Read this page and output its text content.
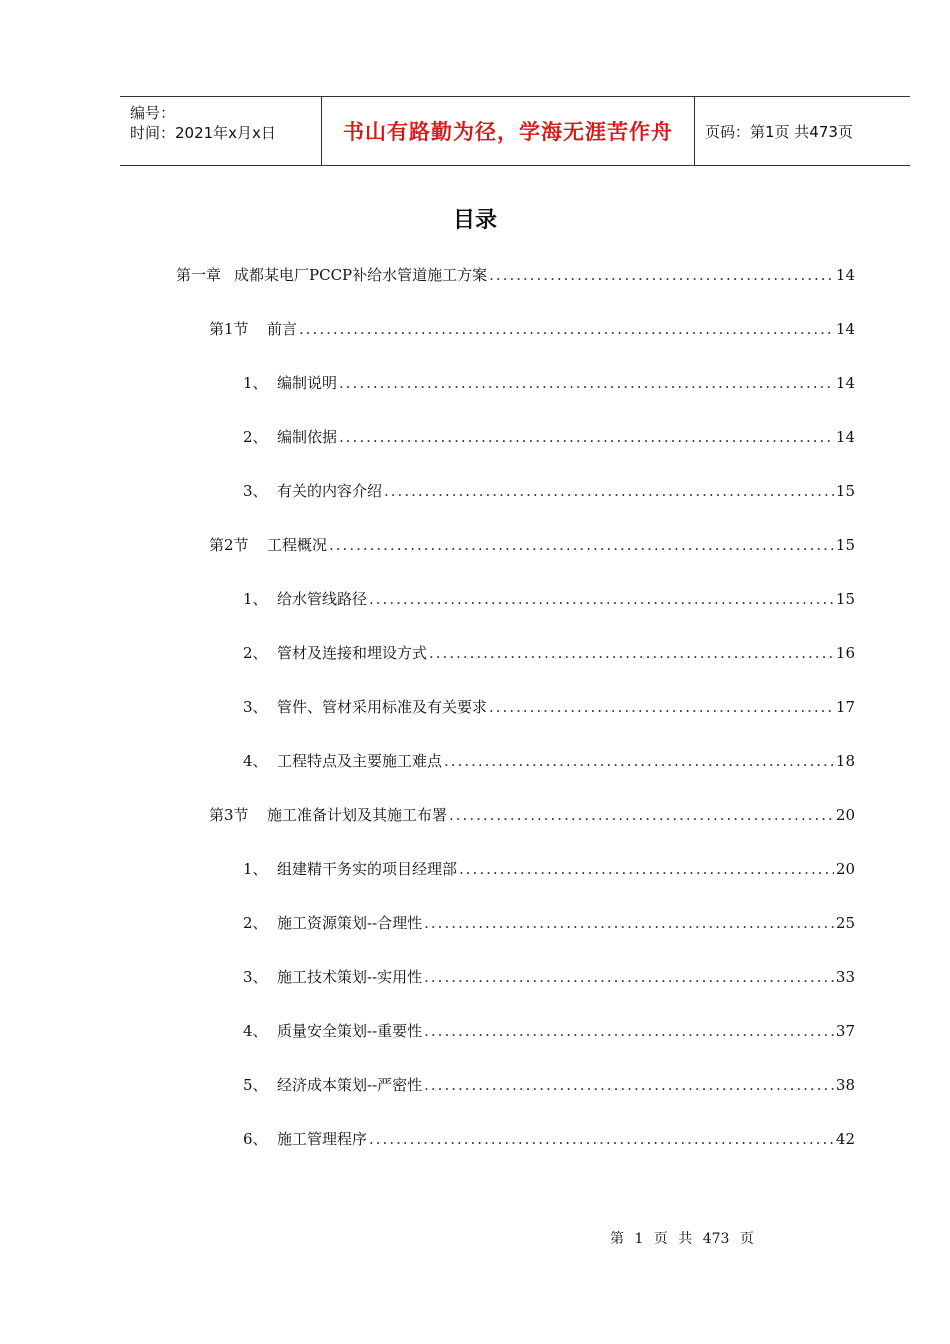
编号：
时间：2021年x月x日	书山有路勤为径，学海无涯苦作舟 页码：第1页 共473页
目录
第一章 成都某电厂PCCP补给水管道施工方案 .....	14
第1节	前言 .....	14
1、 编制说明 .....	14
2、 编制依据 .....	14
3、 有关的内容介绍 .....	15
第2节	工程概况 .....	15
1、 给水管线路径 .....	15
2、 管材及连接和埋设方式 .....	16
3、 管件、管材采用标准及有关要求 .....	17
4、 工程特点及主要施工难点 .....	18
第3节	施工准备计划及其施工布署 .....	20
1、 组建精干务实的项目经理部 .....	20
2、 施工资源策划--合理性 .....	25
3、 施工技术策划--实用性 .....	33
4、 质量安全策划--重要性 .....	37
5、 经济成本策划--严密性 .....	38
6、 施工管理程序 .....	42
第 1 页 共 473 页
